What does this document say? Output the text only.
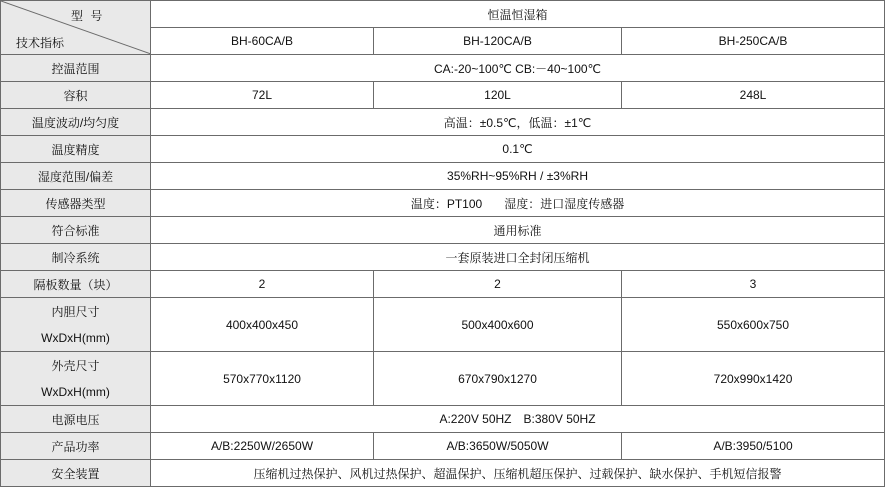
型 号
技术指标	恒温恒湿箱		
	BH-60CA/B	BH-120CA/B	BH-250CA/B
控温范围	CA:-20~100℃ CB:－40~100℃		
容积	72L	120L	248L
温度波动/均匀度	高温：±0.5℃，低温：±1℃		
温度精度	0.1℃		
湿度范围/偏差	35%RH~95%RH / ±3%RH		
传感器类型	温度：PT100 湿度：进口湿度传感器		
符合标准	通用标准		
制冷系统	一套原装进口全封闭压缩机		
隔板数量（块）	2	2	3

内胆尺寸
WxDxH(mm)	400x400x450	500x400x600	550x600x750

外壳尺寸
WxDxH(mm)	570x770x1120	670x790x1270	720x990x1420
电源电压	A:220V 50HZ B:380V 50HZ		
产品功率	A/B:2250W/2650W	A/B:3650W/5050W	A/B:3950/5100
安全装置	压缩机过热保护、风机过热保护、超温保护、压缩机超压保护、过载保护、缺水保护、手机短信报警		
